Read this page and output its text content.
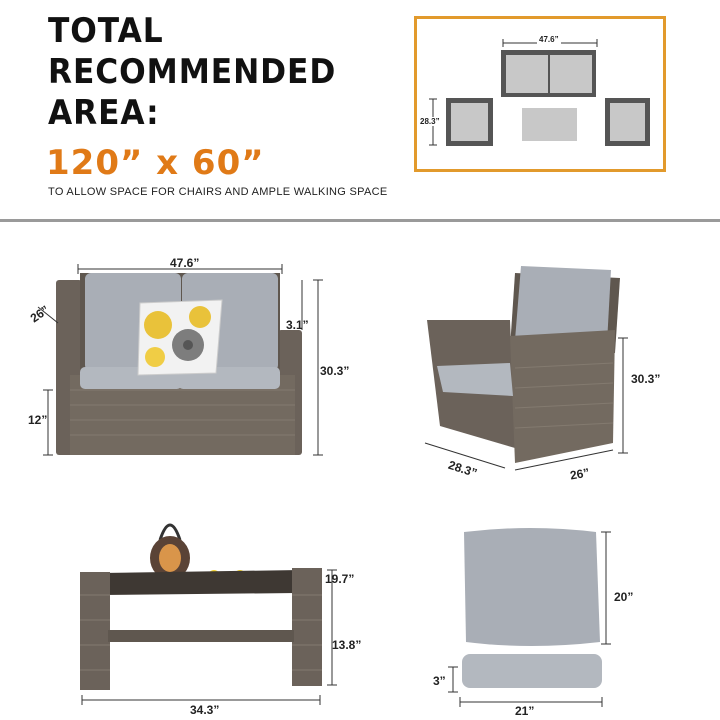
TOTAL
RECOMMENDED
AREA:
120” x 60”
TO ALLOW SPACE FOR CHAIRS AND AMPLE WALKING SPACE
47.6”
28.3”
47.6”
26”	3.1”
30.3”
12”
30.3”
28.3”	26”
19.7”
13.8”
34.3”
20”
3”
21”
